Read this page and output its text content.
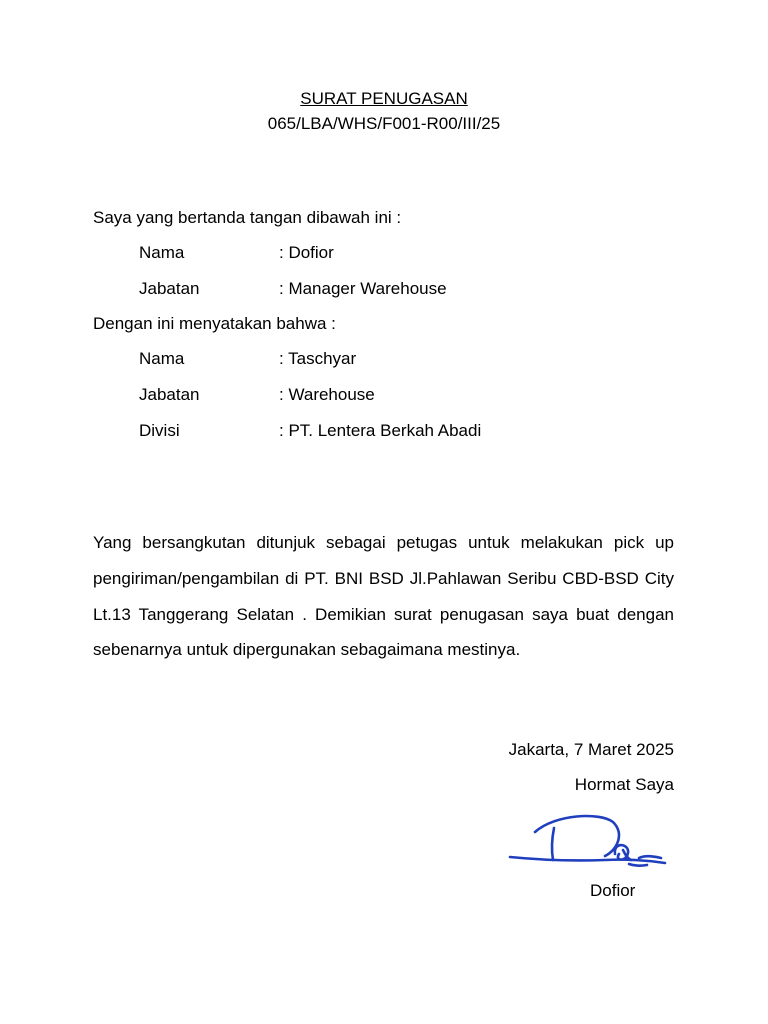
SURAT PENUGASAN
065/LBA/WHS/F001-R00/III/25
Saya yang bertanda tangan dibawah ini :
Nama	: Dofior
Jabatan	: Manager Warehouse
Dengan ini menyatakan bahwa :
Nama	: Taschyar
Jabatan	: Warehouse
Divisi	: PT. Lentera Berkah Abadi
Yang bersangkutan ditunjuk sebagai petugas untuk melakukan pick up pengiriman/pengambilan di PT. BNI BSD Jl.Pahlawan Seribu CBD-BSD City Lt.13 Tanggerang Selatan . Demikian surat penugasan saya buat dengan sebenarnya untuk dipergunakan sebagaimana mestinya.
Jakarta, 7 Maret 2025
Hormat Saya
Dofior
